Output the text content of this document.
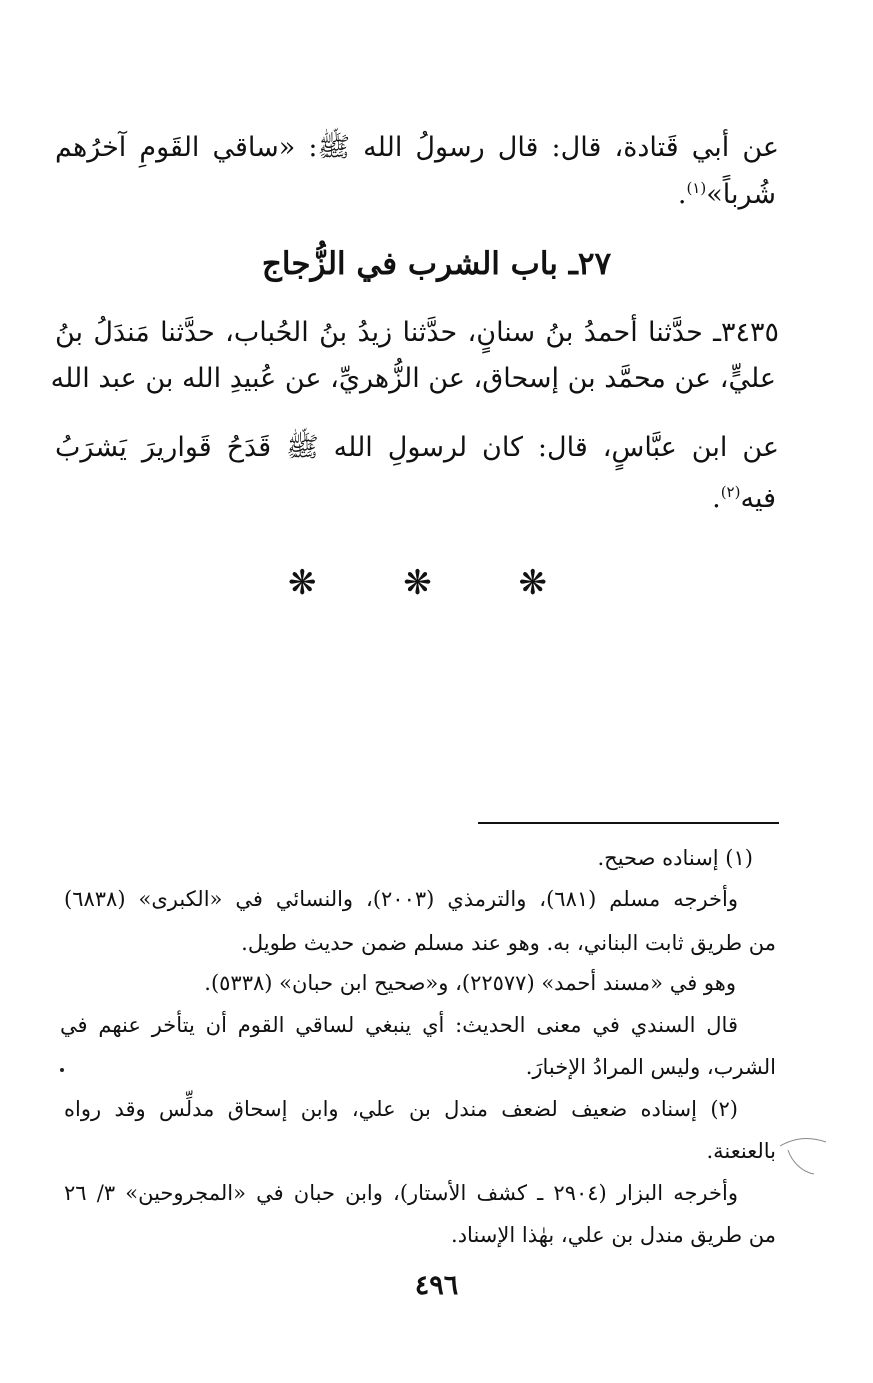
عن أبي قَتادة، قال: قال رسولُ الله ﷺ: «ساقي القَومِ آخرُهم
شُرباً»$^{(١)}$.
٢٧ـ باب الشرب في الزُّجاج
٣٤٣٥ـ حدَّثنا أحمدُ بنُ سنانٍ، حدَّثنا زيدُ بنُ الحُباب، حدَّثنا مَندَلُ بنُ
عليٍّ، عن محمَّد بن إسحاق، عن الزُّهريِّ، عن عُبيدِ الله بن عبد الله
عن ابن عبَّاسٍ، قال: كان لرسولِ الله ﷺ قَدَحُ قَواريرَ يَشرَبُ
فيه$^{(٢)}$.
❋ ❋ ❋
(١) إسناده صحيح.
وأخرجه مسلم (٦٨١)، والترمذي (٢٠٠٣)، والنسائي في «الكبرى» (٦٨٣٨)
من طريق ثابت البناني، به. وهو عند مسلم ضمن حديث طويل.
وهو في «مسند أحمد» (٢٢٥٧٧)، و«صحيح ابن حبان» (٥٣٣٨).
قال السندي في معنى الحديث: أي ينبغي لساقي القوم أن يتأخر عنهم في
الشرب، وليس المرادُ الإخبارَ.
(٢) إسناده ضعيف لضعف مندل بن علي، وابن إسحاق مدلِّس وقد رواه
بالعنعنة.
وأخرجه البزار (٢٩٠٤ ـ كشف الأستار)، وابن حبان في «المجروحين» ٣/ ٢٦
من طريق مندل بن علي، بهٰذا الإسناد.
٤٩٦
